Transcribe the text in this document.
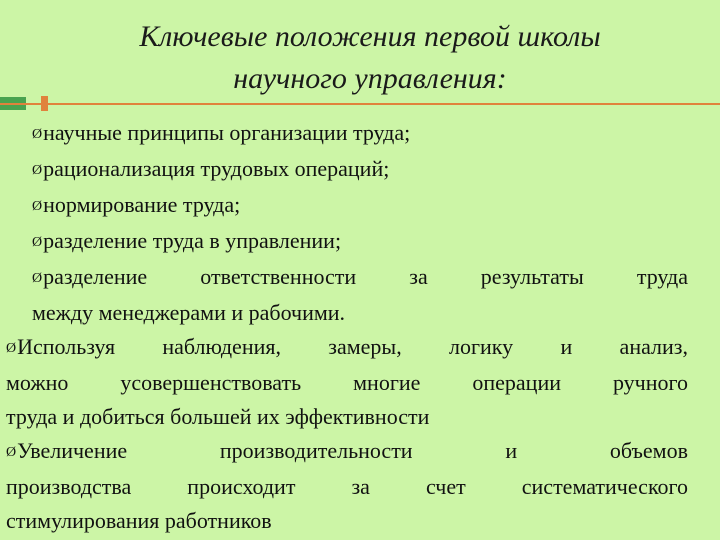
Ключевые положения первой школы
научного управления:
Øнаучные принципы организации труда;
Øрационализация трудовых операций;
Øнормирование труда;
Øразделение труда в управлении;
Øразделение ответственности за результаты труда
между менеджерами и рабочими.
ØИспользуя наблюдения, замеры, логику и анализ,
можно усовершенствовать многие операции ручного
труда и добиться большей их эффективности
ØУвеличение производительности и объемов
производства происходит за счет систематического
стимулирования работников
